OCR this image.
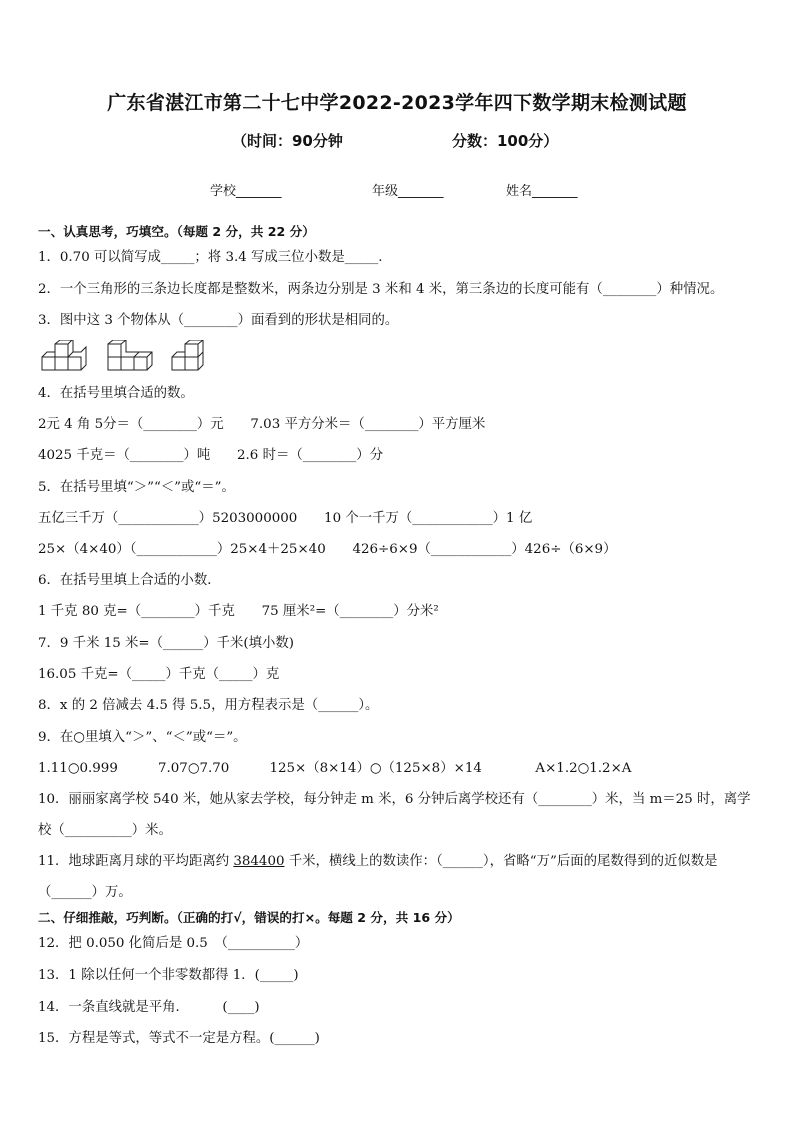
广东省湛江市第二十七中学2022-2023学年四下数学期末检测试题
（时间：90分钟	分数：100分）
学校_______	年级_______	姓名_______
一、认真思考，巧填空。（每题 2 分，共 22 分）
1．0.70 可以简写成_____；将 3.4 写成三位小数是_____.
2．一个三角形的三条边长度都是整数米，两条边分别是 3 米和 4 米，第三条边的长度可能有（________）种情况。
3．图中这 3 个物体从（________）面看到的形状是相同的。
4．在括号里填合适的数。
2元 4 角 5分＝（________）元　　7.03 平方分米＝（________）平方厘米
4025 千克＝（________）吨　　2.6 时＝（________）分
5．在括号里填“＞”“＜”或“＝”。
五亿三千万（____________）5203000000　　10 个一千万（____________）1 亿
25×（4×40）（____________）25×4＋25×40　　426÷6×9（____________）426÷（6×9）
6．在括号里填上合适的小数．
1 千克 80 克=（________）千克　　75 厘米²=（________）分米²
7．9 千米 15 米=（______）千米(填小数)
16.05 千克=（_____）千克（_____）克
8．x 的 2 倍减去 4.5 得 5.5，用方程表示是（______）。
9．在○里填入“＞”、“＜”或“＝”。
1.11○0.999　　　7.07○7.70　　　125×（8×14）○（125×8）×14　　　　A×1.2○1.2×A
10．丽丽家离学校 540 米，她从家去学校，每分钟走 m 米，6 分钟后离学校还有（________）米，当 m＝25 时，离学
校（__________）米。
11．地球距离月球的平均距离约 384400 千米，横线上的数读作：（______），省略“万”后面的尾数得到的近似数是
（______）万。
二、仔细推敲，巧判断。（正确的打√，错误的打×。每题 2 分，共 16 分）
12．把 0.050 化简后是 0.5　（__________）
13．1 除以任何一个非零数都得 1．(_____)
14．一条直线就是平角．　　　(____)
15．方程是等式，等式不一定是方程。(______)
